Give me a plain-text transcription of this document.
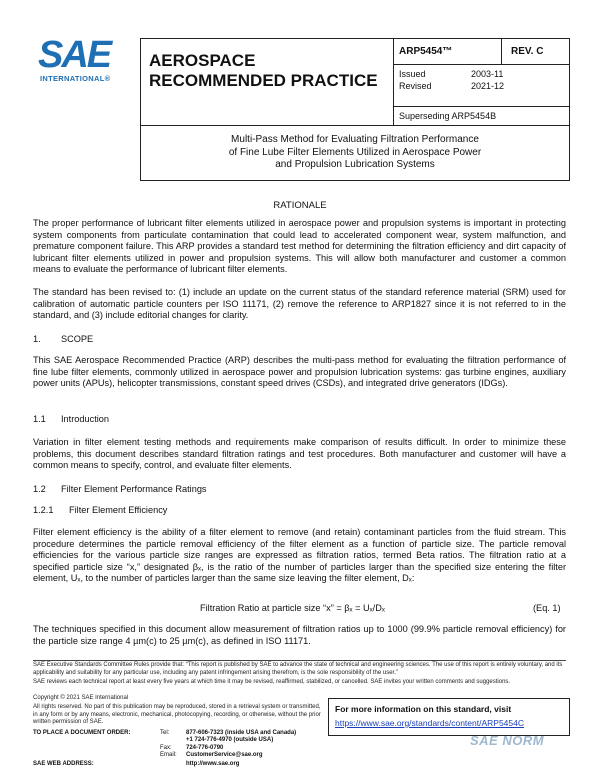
SAE
INTERNATIONAL®
AEROSPACE
RECOMMENDED PRACTICE
ARP5454™	REV. C
Issued	2003-11
Revised	2021-12
Superseding ARP5454B
Multi-Pass Method for Evaluating Filtration Performance
of Fine Lube Filter Elements Utilized in Aerospace Power
and Propulsion Lubrication Systems
RATIONALE
The proper performance of lubricant filter elements utilized in aerospace power and propulsion systems is important in protecting system components from particulate contamination that could lead to accelerated component wear, system malfunction, and premature component failure. This ARP provides a standard test method for determining the filtration efficiency and dirt capacity of lubricant filter elements utilized in power and propulsion systems. This will allow both manufacturer and customer a common means to evaluate the performance of lubricant filter elements.
The standard has been revised to: (1) include an update on the current status of the standard reference material (SRM) used for calibration of automatic particle counters per ISO 11171, (2) remove the reference to ARP1827 since it is not referred to in the standard, and (3) include editorial changes for clarity.
1. SCOPE
This SAE Aerospace Recommended Practice (ARP) describes the multi-pass method for evaluating the filtration performance of fine lube filter elements, commonly utilized in aerospace power and propulsion lubrication systems: gas turbine engines, auxiliary power units (APUs), helicopter transmissions, constant speed drives (CSDs), and integrated drive generators (IDGs).
1.1 Introduction
Variation in filter element testing methods and requirements make comparison of results difficult. In order to minimize these problems, this document describes standard filtration ratings and test procedures. Both manufacturer and customer will have a common means to specify, control, and evaluate filter elements.
1.2 Filter Element Performance Ratings
1.2.1 Filter Element Efficiency
Filter element efficiency is the ability of a filter element to remove (and retain) contaminant particles from the fluid stream. This procedure determines the particle removal efficiency of the filter element as a function of particle size. The particle removal efficiencies for the various particle size ranges are expressed as filtration ratios, termed Beta ratios. The filtration ratio at a specified particle size “x,” designated βₓ, is the ratio of the number of particles larger than the specified size entering the filter element, Uₓ, to the number of particles larger than the same size leaving the filter element, Dₓ:
Filtration Ratio at particle size “x” = βₓ = Uₓ/Dₓ	(Eq. 1)
The techniques specified in this document allow measurement of filtration ratios up to 1000 (99.9% particle removal efficiency) for the particle size range 4 µm(c) to 25 µm(c), as defined in ISO 11171.
SAE Executive Standards Committee Rules provide that: “This report is published by SAE to advance the state of technical and engineering sciences. The use of this report is entirely voluntary, and its applicability and suitability for any particular use, including any patent infringement arising therefrom, is the sole responsibility of the user.”
SAE reviews each technical report at least every five years at which time it may be revised, reaffirmed, stabilized, or cancelled. SAE invites your written comments and suggestions.
Copyright © 2021 SAE International
All rights reserved. No part of this publication may be reproduced, stored in a retrieval system or transmitted, in any form or by any means, electronic, mechanical, photocopying, recording, or otherwise, without the prior written permission of SAE.
TO PLACE A DOCUMENT ORDER:	Tel:	877-606-7323 (inside USA and Canada)
+1 724-776-4970 (outside USA)
Fax: 724-776-0790
Email: CustomerService@sae.org
SAE WEB ADDRESS:	http://www.sae.org
For more information on this standard, visit
https://www.sae.org/standards/content/ARP5454C
SAE NORM
